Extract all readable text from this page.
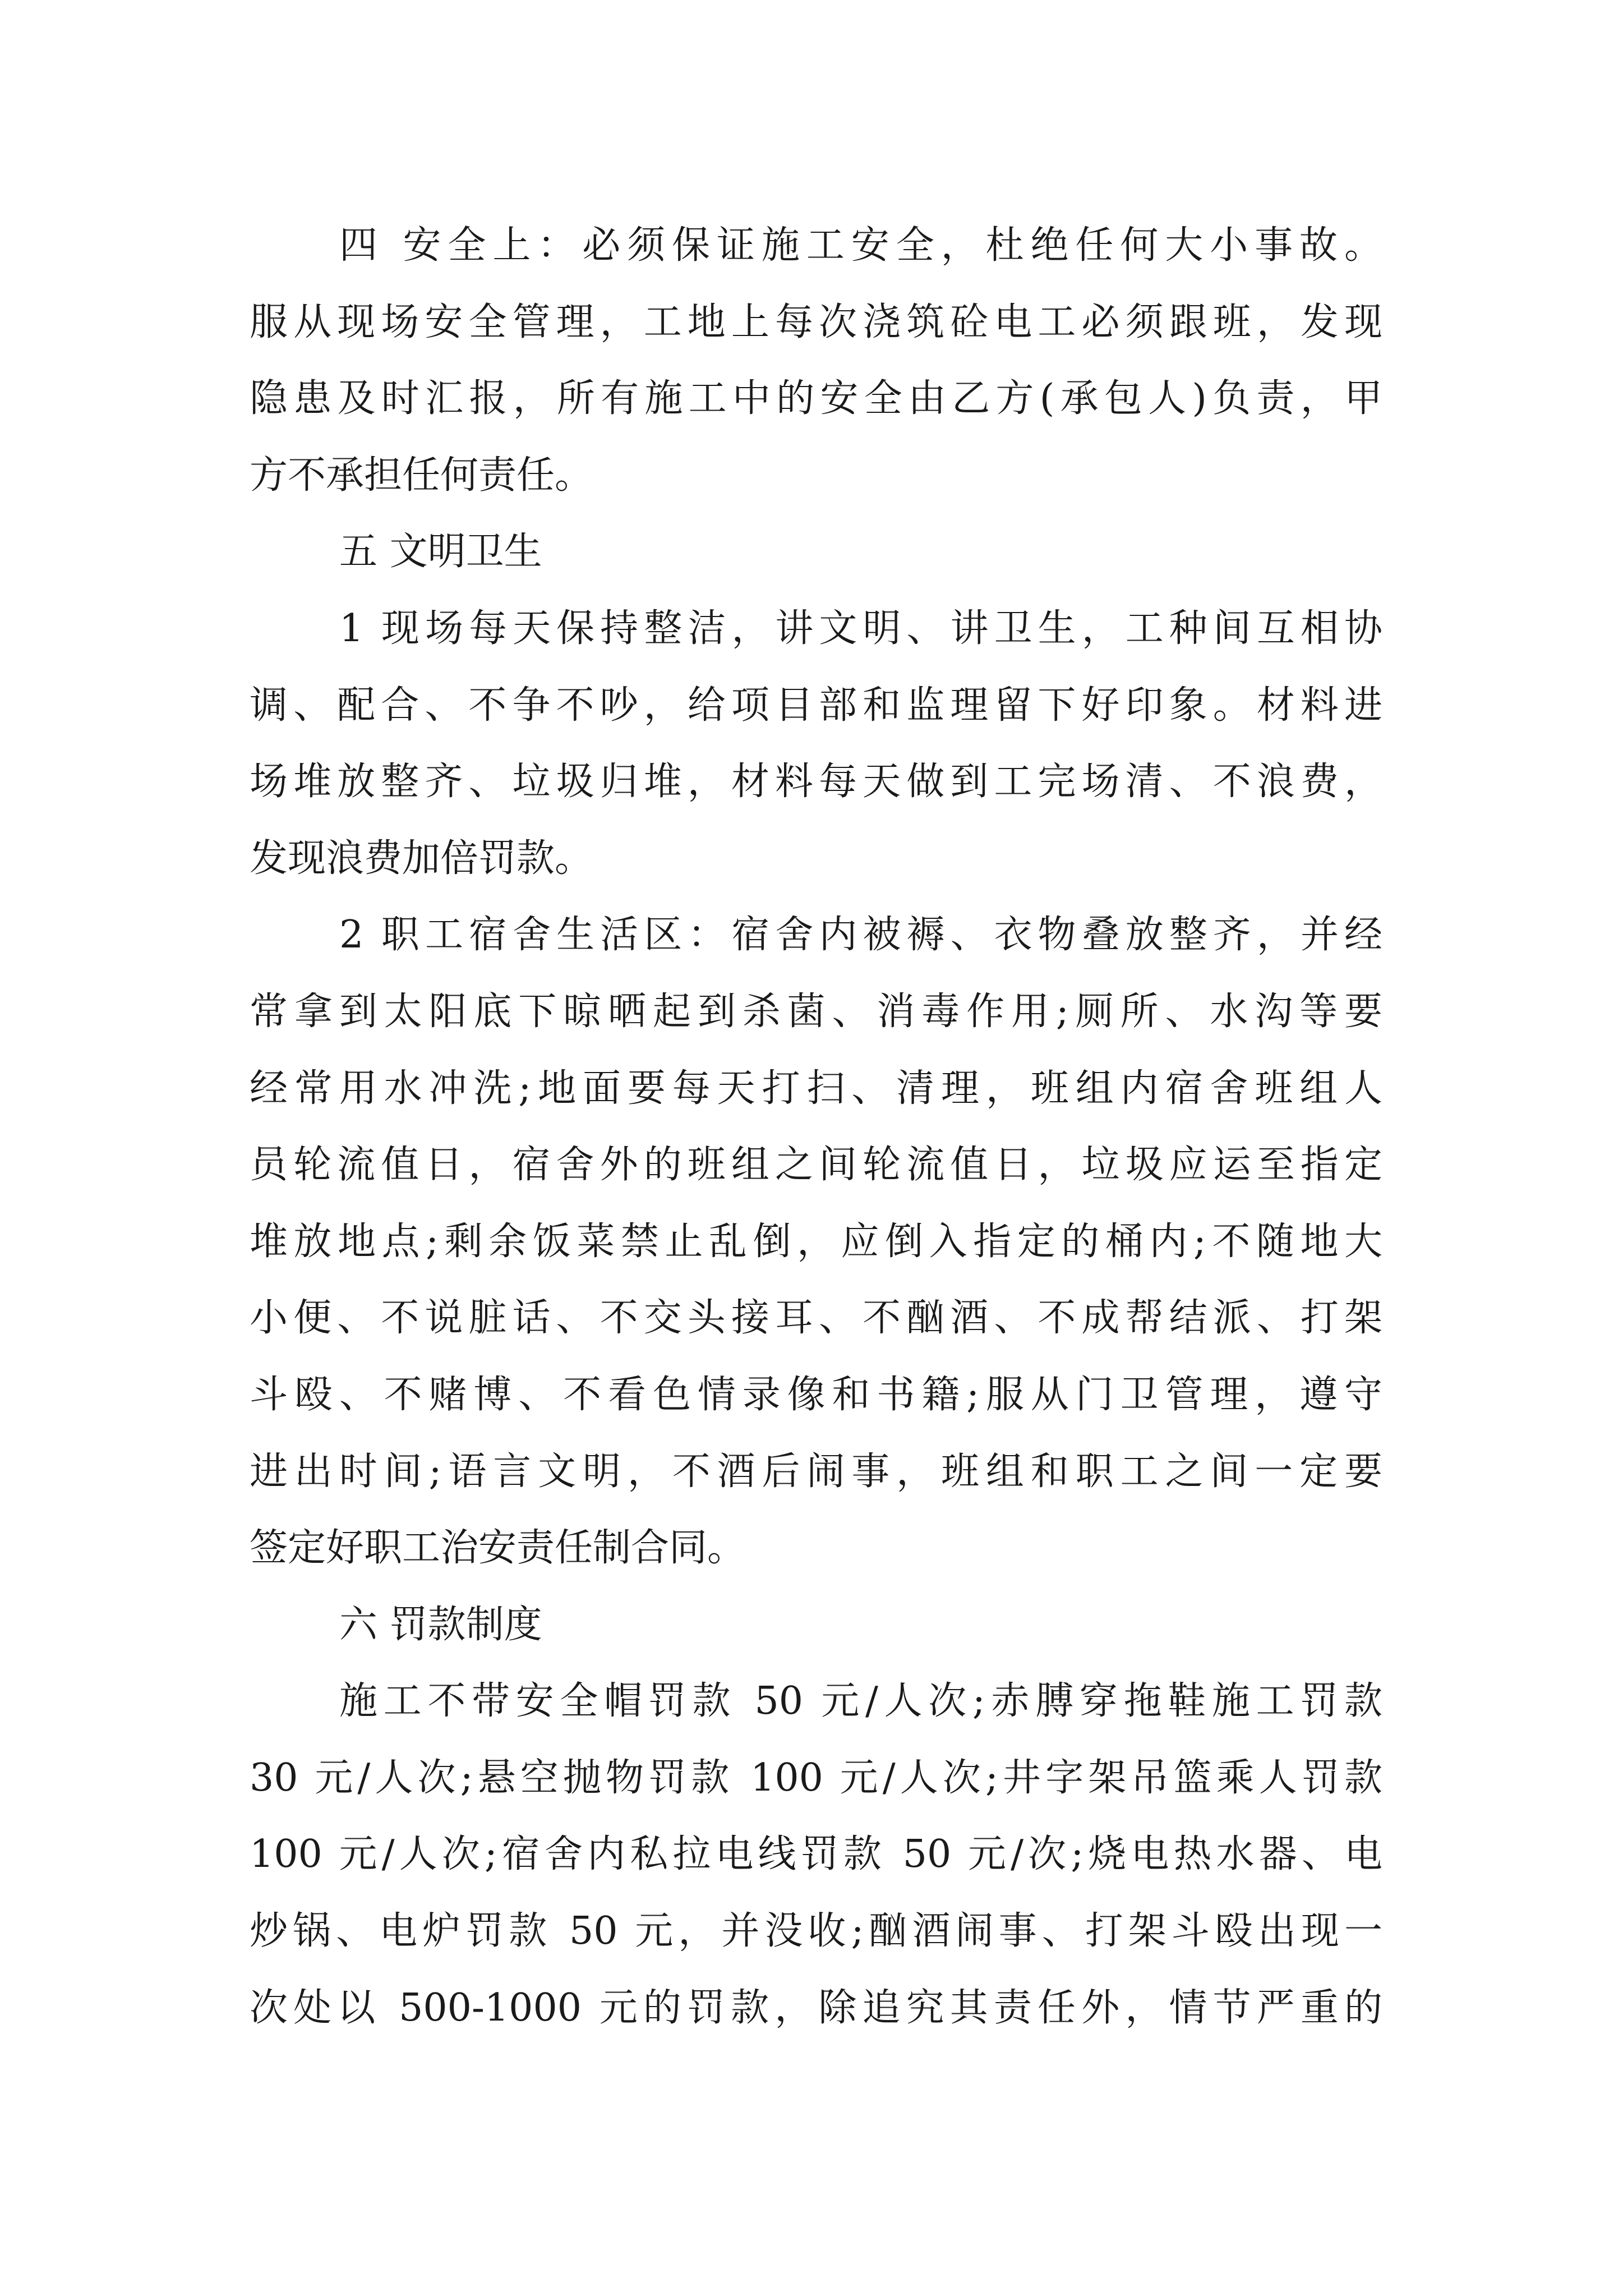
四 安全上：必须保证施工安全，杜绝任何大小事故。
服从现场安全管理，工地上每次浇筑砼电工必须跟班，发现
隐患及时汇报，所有施工中的安全由乙方(承包人)负责，甲
方不承担任何责任。
五 文明卫生
1 现场每天保持整洁，讲文明、讲卫生，工种间互相协
调、配合、不争不吵，给项目部和监理留下好印象。材料进
场堆放整齐、垃圾归堆，材料每天做到工完场清、不浪费，
发现浪费加倍罚款。
2 职工宿舍生活区：宿舍内被褥、衣物叠放整齐，并经
常拿到太阳底下晾晒起到杀菌、消毒作用;厕所、水沟等要
经常用水冲洗;地面要每天打扫、清理，班组内宿舍班组人
员轮流值日，宿舍外的班组之间轮流值日，垃圾应运至指定
堆放地点;剩余饭菜禁止乱倒，应倒入指定的桶内;不随地大
小便、不说脏话、不交头接耳、不酗酒、不成帮结派、打架
斗殴、不赌博、不看色情录像和书籍;服从门卫管理，遵守
进出时间;语言文明，不酒后闹事，班组和职工之间一定要
签定好职工治安责任制合同。
六 罚款制度
施工不带安全帽罚款 50 元/人次;赤膊穿拖鞋施工罚款
30 元/人次;悬空抛物罚款 100 元/人次;井字架吊篮乘人罚款
100 元/人次;宿舍内私拉电线罚款 50 元/次;烧电热水器、电
炒锅、电炉罚款 50 元，并没收;酗酒闹事、打架斗殴出现一
次处以 500-1000 元的罚款，除追究其责任外，情节严重的
